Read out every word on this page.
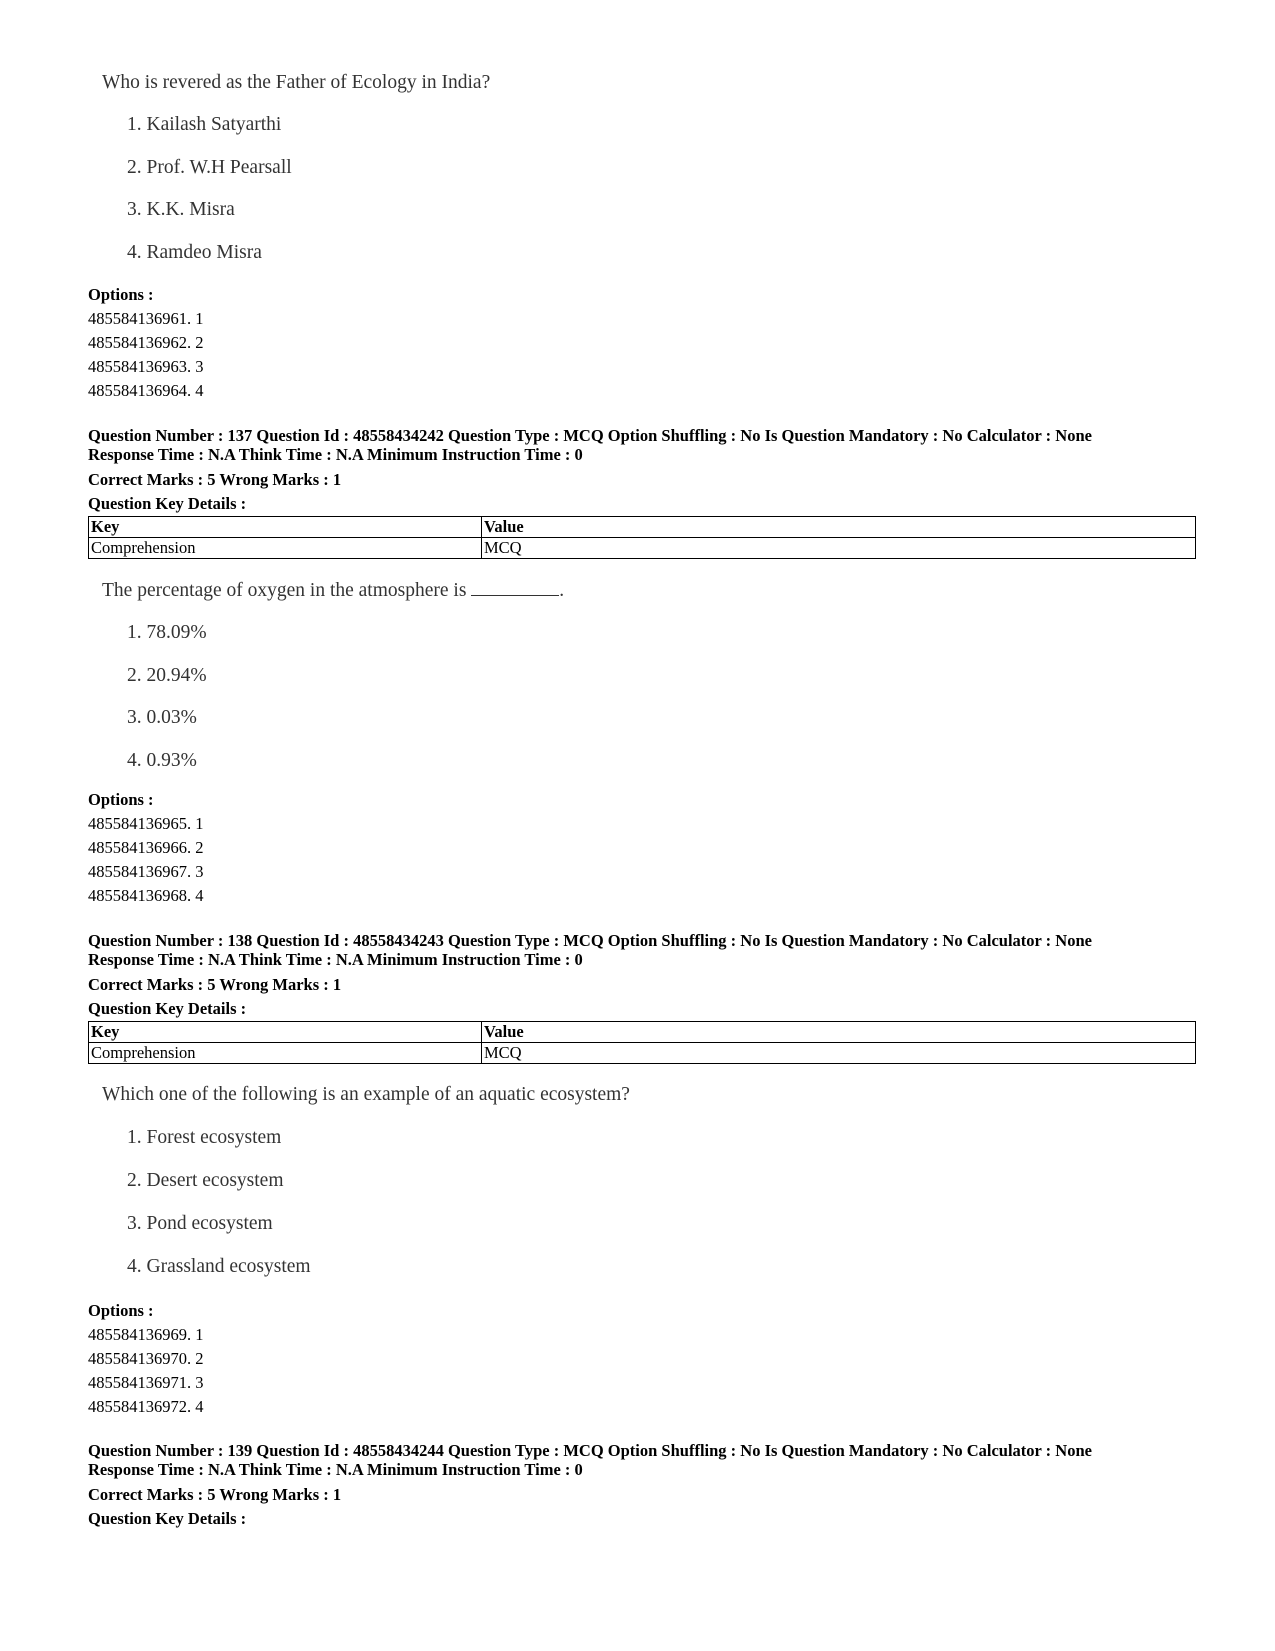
Who is revered as the Father of Ecology in India?
1. Kailash Satyarthi
2. Prof. W.H Pearsall
3. K.K. Misra
4. Ramdeo Misra
Options :
485584136961. 1
485584136962. 2
485584136963. 3
485584136964. 4
Question Number : 137 Question Id : 48558434242 Question Type : MCQ Option Shuffling : No Is Question Mandatory : No Calculator : None
Response Time : N.A Think Time : N.A Minimum Instruction Time : 0
Correct Marks : 5 Wrong Marks : 1
Question Key Details :
Key	Value
Comprehension	MCQ
The percentage of oxygen in the atmosphere is	.
1. 78.09%
2. 20.94%
3. 0.03%
4. 0.93%
Options :
485584136965. 1
485584136966. 2
485584136967. 3
485584136968. 4
Question Number : 138 Question Id : 48558434243 Question Type : MCQ Option Shuffling : No Is Question Mandatory : No Calculator : None
Response Time : N.A Think Time : N.A Minimum Instruction Time : 0
Correct Marks : 5 Wrong Marks : 1
Question Key Details :
Key	Value
Comprehension	MCQ
Which one of the following is an example of an aquatic ecosystem?
1. Forest ecosystem
2. Desert ecosystem
3. Pond ecosystem
4. Grassland ecosystem
Options :
485584136969. 1
485584136970. 2
485584136971. 3
485584136972. 4
Question Number : 139 Question Id : 48558434244 Question Type : MCQ Option Shuffling : No Is Question Mandatory : No Calculator : None
Response Time : N.A Think Time : N.A Minimum Instruction Time : 0
Correct Marks : 5 Wrong Marks : 1
Question Key Details :
